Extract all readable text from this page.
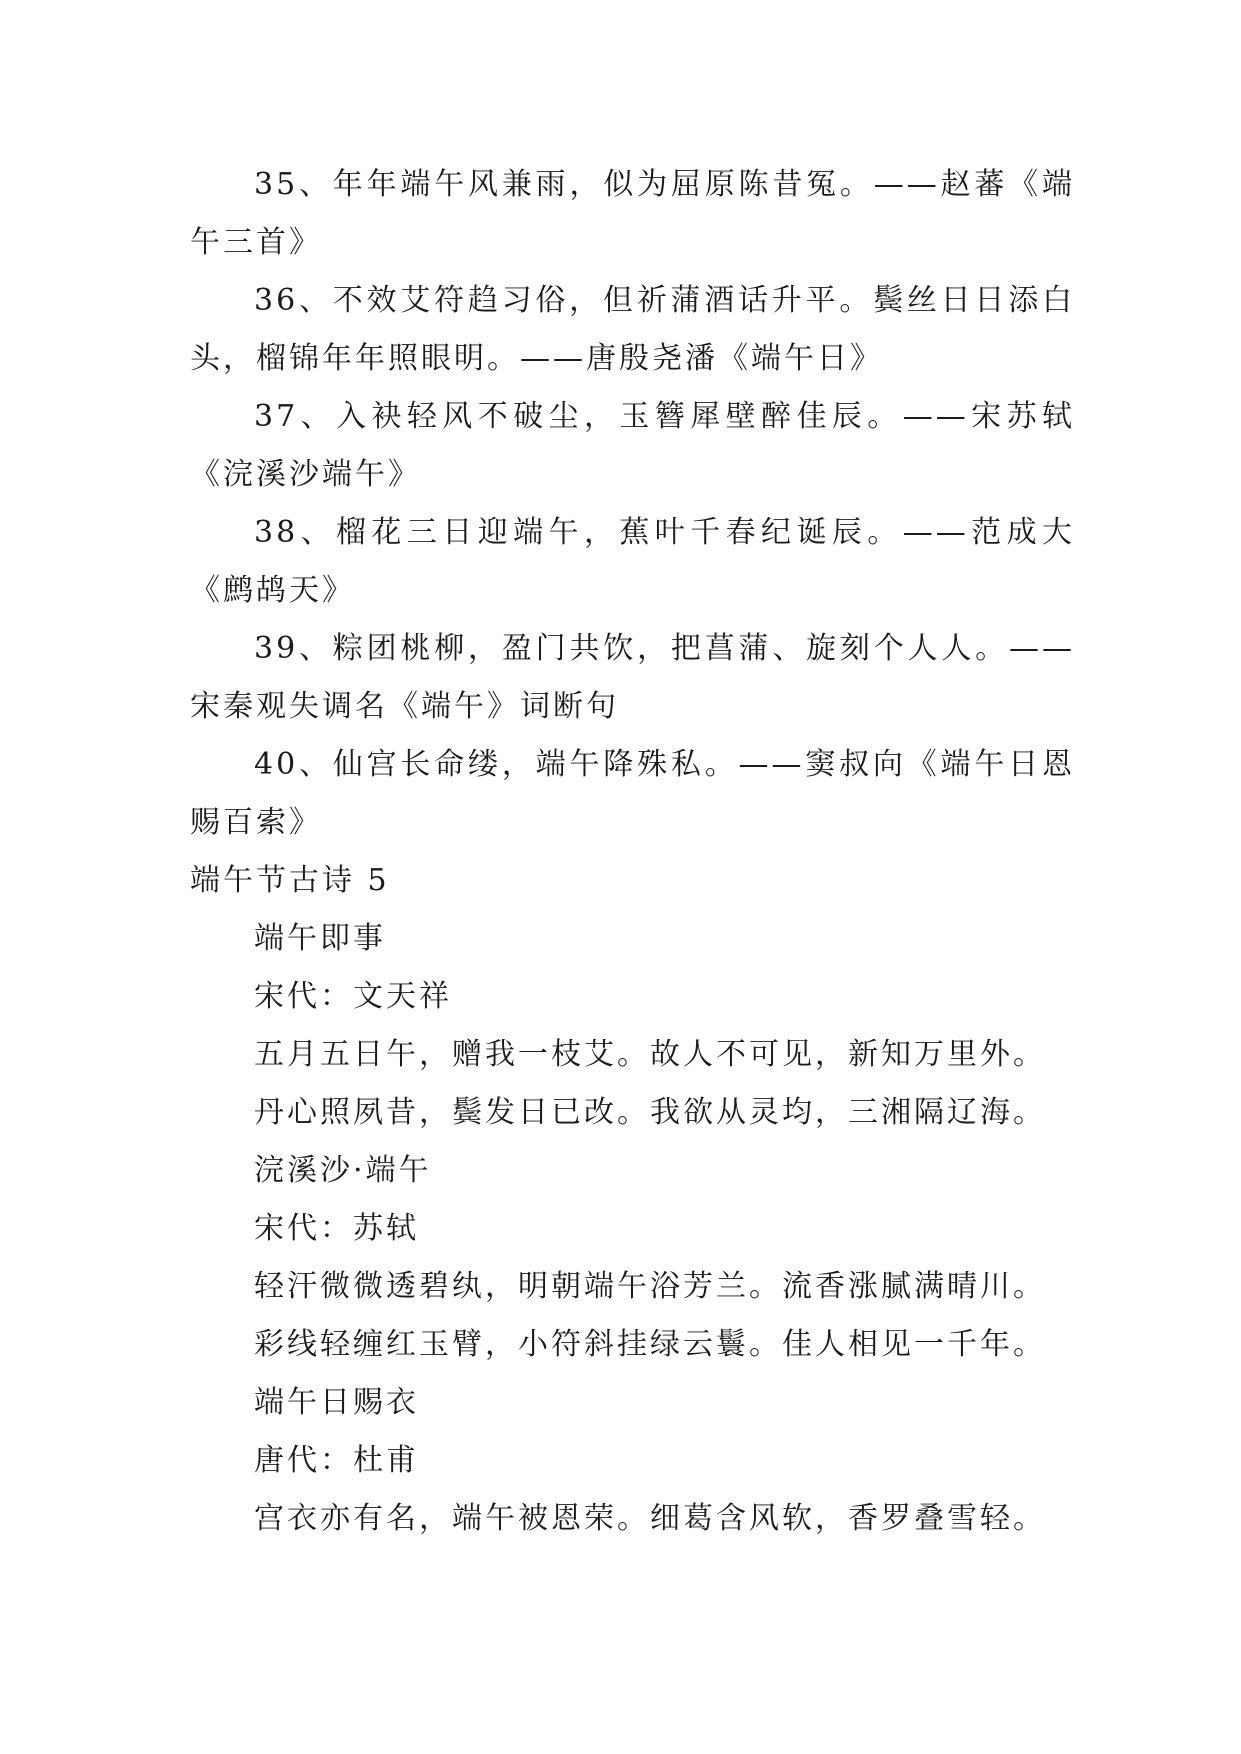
35、年年端午风兼雨，似为屈原陈昔冤。——赵蕃《端午三首》

36、不效艾符趋习俗，但祈蒲酒话升平。鬓丝日日添白头，榴锦年年照眼明。——唐殷尧潘《端午日》

37、入袂轻风不破尘，玉簪犀壁醉佳辰。——宋苏轼《浣溪沙端午》

38、榴花三日迎端午，蕉叶千春纪诞辰。——范成大《鹧鸪天》

39、粽团桃柳，盈门共饮，把菖蒲、旋刻个人人。——宋秦观失调名《端午》词断句

40、仙宫长命缕，端午降殊私。——窦叔向《端午日恩赐百索》

端午节古诗 5

端午即事

宋代：文天祥

五月五日午，赠我一枝艾。故人不可见，新知万里外。

丹心照夙昔，鬓发日已改。我欲从灵均，三湘隔辽海。

浣溪沙·端午

宋代：苏轼

轻汗微微透碧纨，明朝端午浴芳兰。流香涨腻满晴川。

彩线轻缠红玉臂，小符斜挂绿云鬟。佳人相见一千年。

端午日赐衣

唐代：杜甫

宫衣亦有名，端午被恩荣。细葛含风软，香罗叠雪轻。
